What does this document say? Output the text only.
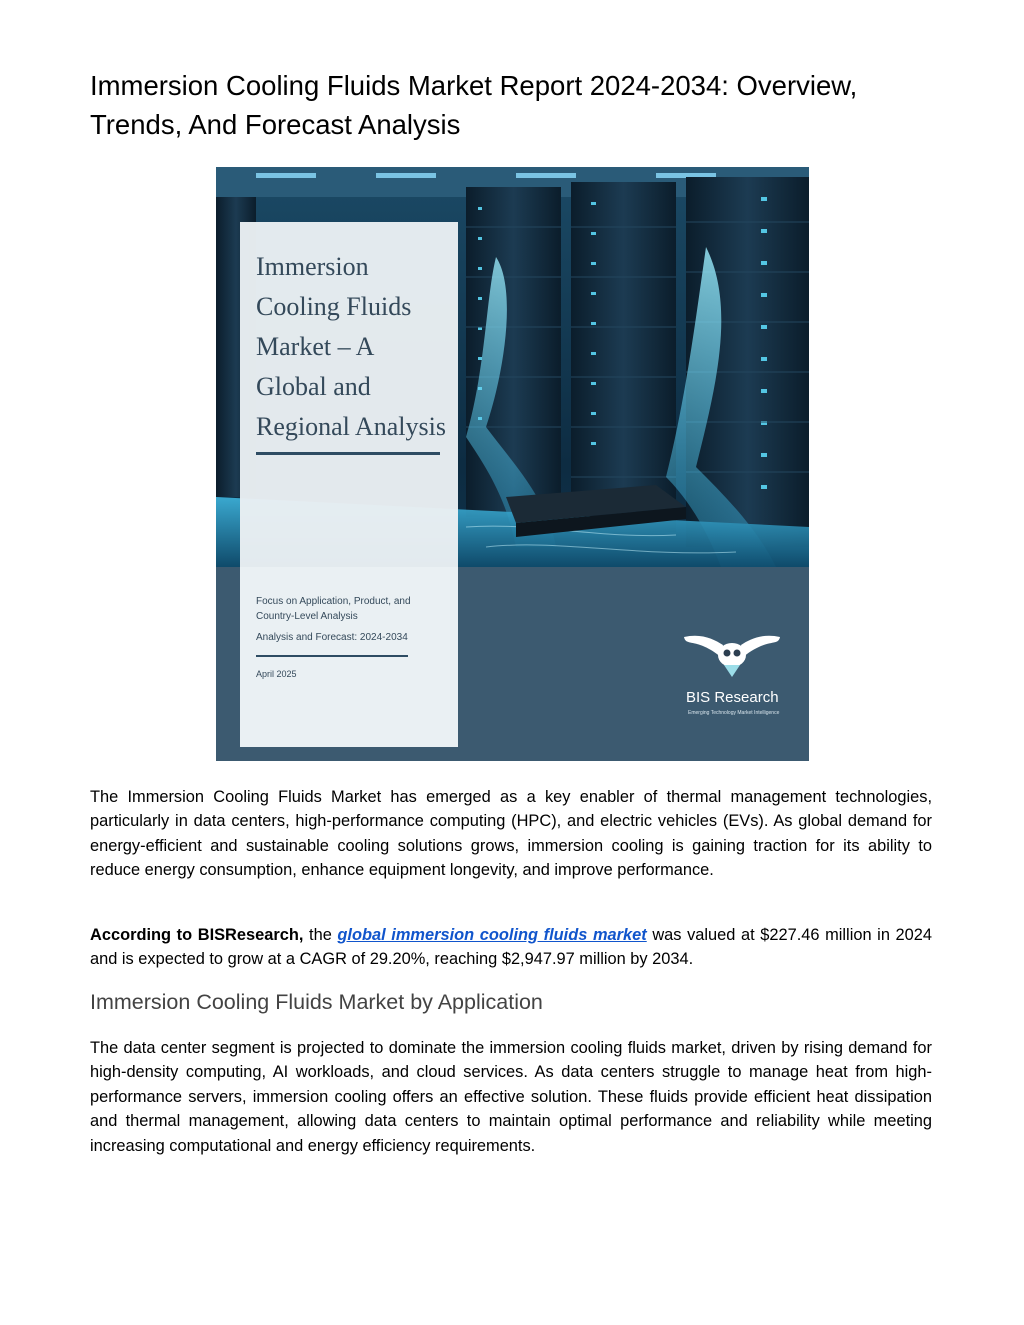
Immersion Cooling Fluids Market Report 2024-2034: Overview, Trends, And Forecast Analysis
Immersion
Cooling Fluids
Market – A
Global and
Regional Analysis
Focus on Application, Product, and
Country-Level Analysis
Analysis and Forecast: 2024-2034
April 2025
BIS Research
Emerging Technology Market Intelligence

The Immersion Cooling Fluids Market has emerged as a key enabler of thermal management technologies, particularly in data centers, high-performance computing (HPC), and electric vehicles (EVs). As global demand for energy-efficient and sustainable cooling solutions grows, immersion cooling is gaining traction for its ability to reduce energy consumption, enhance equipment longevity, and improve performance.

According to BISResearch, the global immersion cooling fluids market was valued at $227.46 million in 2024 and is expected to grow at a CAGR of 29.20%, reaching $2,947.97 million by 2034.

Immersion Cooling Fluids Market by Application

The data center segment is projected to dominate the immersion cooling fluids market, driven by rising demand for high-density computing, AI workloads, and cloud services. As data centers struggle to manage heat from high-performance servers, immersion cooling offers an effective solution. These fluids provide efficient heat dissipation and thermal management, allowing data centers to maintain optimal performance and reliability while meeting increasing computational and energy efficiency requirements.
